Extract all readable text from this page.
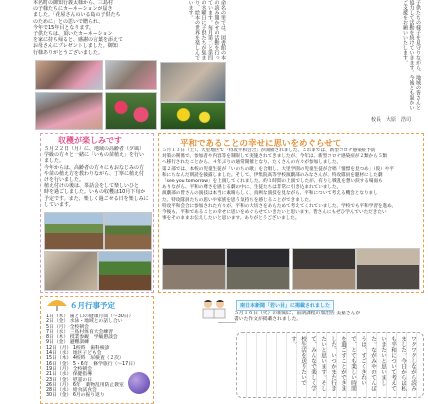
本名町の御知行義太様から、三島村
の子様たちにカーネーションが届き
ました。「花屋さんのいる島の子供たち
のために」との思いで贈られ、
今年で15年目となります。
子供たちは、頂いたカーネーション
を家に持ち帰ると、感謝の言葉を添えて
お母さんにプレゼントしました。御知
行様ありがとうございました。	命名の里では、図書館の本の読み聞かせの活動を行っています。毎月第二と第四の水曜日に子供たちが集まり、絵本の世界を楽しんでいます。	子供たちの様子を見守りながら、地域の皆さんと協力して活動を続けていきます。今後とも温かいご支援をお願いいたします。
校長　大原　浩司
収穫が楽しみです
５月２２日（月）に、地域の高齢者（夕風）
学級の方々と一緒に「いもの苗植え」を行い
ました。
今年からは、高齢者の方々にもおなじみの方
や苗の植え方を教わりながら、丁寧に植え付
けを行いました。
植え付けの後は、茶話会をして楽しいひと
時を過ごしました。いもの収穫は10月下旬か
予定です。また、楽しく過ごせる日を楽しみに
しています。
平和であることの幸せに思いをめぐらせて
５月１３日（土）、大里地区で「特攻平和会合」が開催されました。これまでは、新型コロナ感染症予防
対策の関係で、参加者や内容等を制限して実施されてきましたが、今年は、新型コロナ感染症が２類から５類
へ移行されたことから、４年ぶりの通常開催となり、たくさんの方々が参加しました。
第２部では、本校の児童生徒が「いのちの歌」を合唱し、大里学園の児童生徒が合唱「憧憬を見つめ」（仮）や平
和にちなんだ朗読を披露しました。そして、伊集院高等学校演劇部のみなさんが、特攻隊員を題材にした劇
「see you tomorrow」を上演してくれました。約１時間の上演でしたが、有りし戦乱を想い涙する場面も
ありながら、平和の尊さを感じる劇の中に、生徒たちは非常に引き込まれていました。
演劇部の皆さんの演技は本当に素晴らしく、真剣な演技を見ながら、平和について考える機会となりまし
た。特攻隊員たちの思いや家族を思う気持ちを感じることができました。
特攻平和会合に参加された方々が、平和の大切さをあらためて考えてくれていました。学校でも平和学習を進め、
今後も、平和であることの幸せに思いをめぐらせていきたいと思います。皆さんにもぜひ学んでいただきたい
事をそのままお伝えしたいと思います。ありがとうございました。
６月行事予定
1日（木） 歯と口の健康月間（～30日）
2日（金） 水泳・地域との話し合い
5日（月） 全校朝会
7日（水） 三島村体育大会練習
8日（木） 授業参観　学級懇談会
9日（金） 避難訓練
12日（月） 1校時　歯科検診
14日（水） 地区子ども会
15日（木） 4校時　尿検査（２次）
16日（金） 5・6年　修学旅行（～17日）
19日（月） 全校朝会
21日（水） 保健指導
23日（金） 慰霊の日
26日（月） 6年　薬物乱用防止教室
28日（水） 給食試食会
30日（金） 6月の振り返り
南日本新聞「若い目」に掲載されました
５月１６日（火）の新聞に、前期課程の加治佐 美嘉さんが書いた作文が掲載されました。
ワクワクしながら読みました。今日からは私も平和について考えていきたいと思いました。ながみやのてんぼうは、すごくきれいで、とても楽しい時間を過ごすことができました。いつかまた行きたいと思います。そして、みんなで楽しく学校生活を送りたいです。
